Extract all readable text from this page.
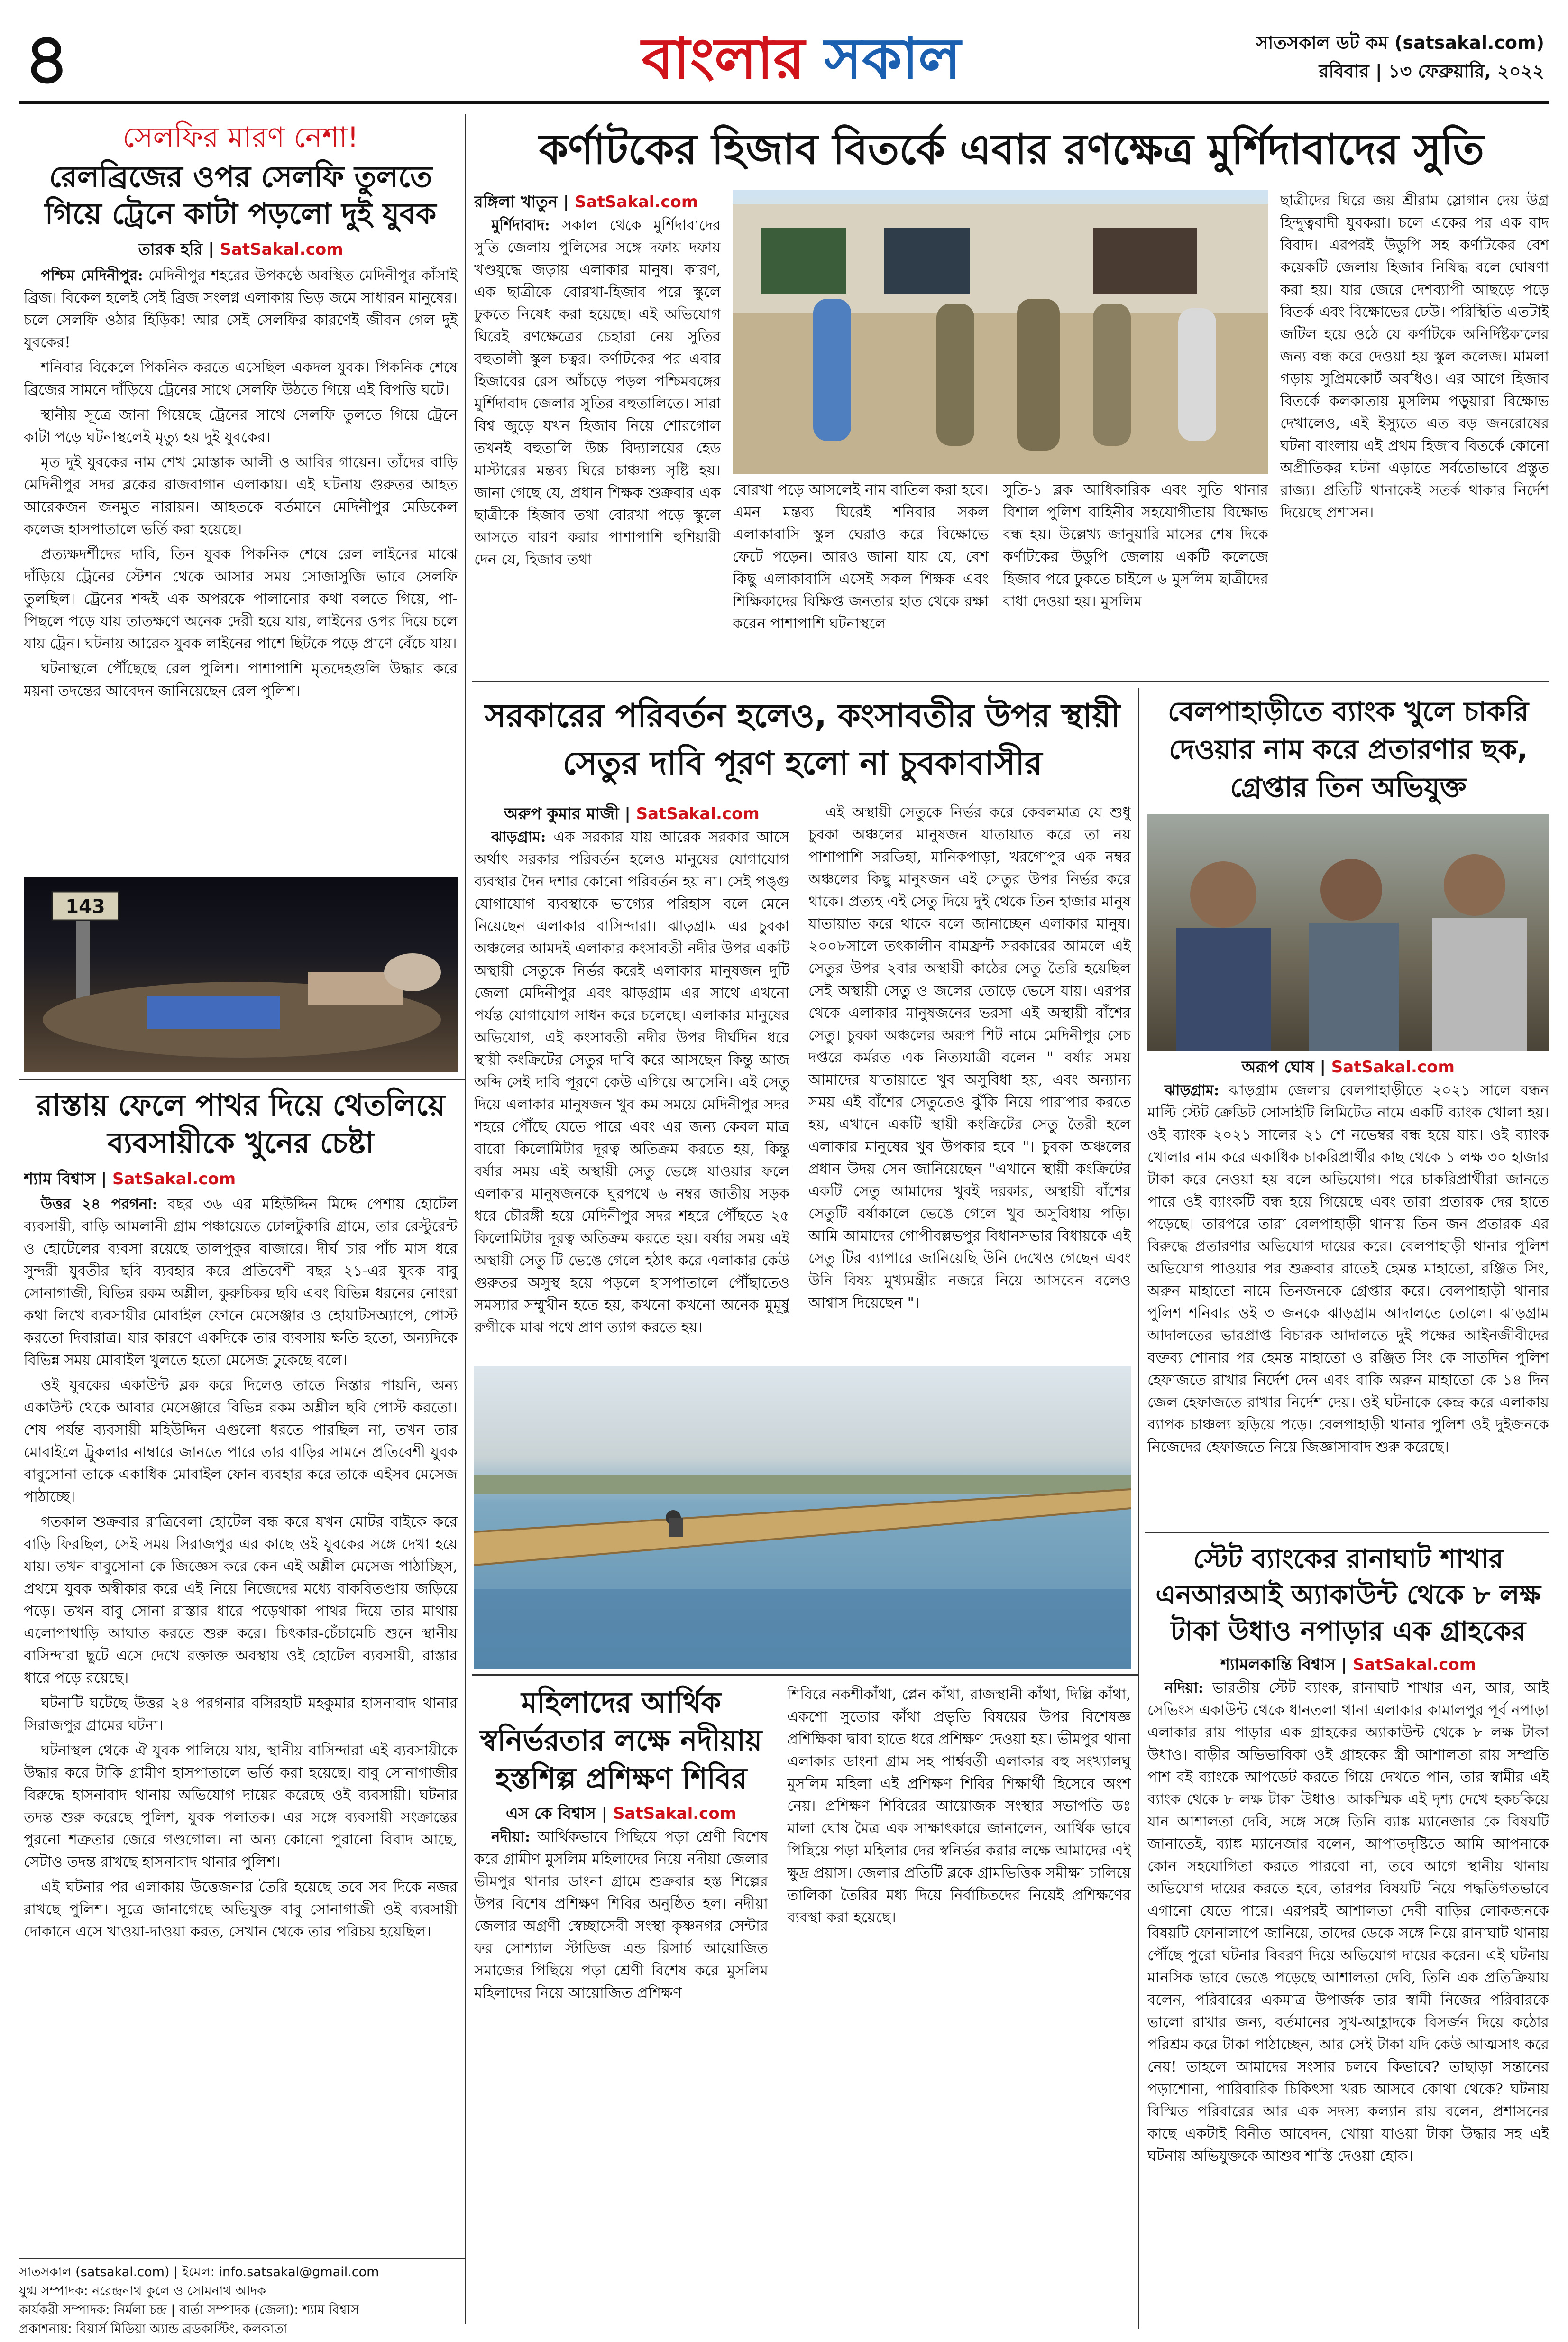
৪	বাংলার সকাল	সাতসকাল ডট কম (satsakal.com)
রবিবার | ১৩ ফেব্রুয়ারি, ২০২২
সেলফির মারণ নেশা!
রেলব্রিজের ওপর সেলফি তুলতে গিয়ে ট্রেনে কাটা পড়লো দুই যুবক
তারক হরি | SatSakal.com

পশ্চিম মেদিনীপুর: মেদিনীপুর শহরের উপকণ্ঠে অবস্থিত মেদিনীপুর কাঁসাই ব্রিজ। বিকেল হলেই সেই ব্রিজ সংলগ্ন এলাকায় ভিড় জমে সাধারন মানুষের। চলে সেলফি ওঠার হিড়িক! আর সেই সেলফির কারণেই জীবন গেল দুই যুবকের!

শনিবার বিকেলে পিকনিক করতে এসেছিল একদল যুবক। পিকনিক শেষে ব্রিজের সামনে দাঁড়িয়ে ট্রেনের সাথে সেলফি উঠতে গিয়ে এই বিপত্তি ঘটে।

স্থানীয় সূত্রে জানা গিয়েছে ট্রেনের সাথে সেলফি তুলতে গিয়ে ট্রেনে কাটা পড়ে ঘটনাস্থলেই মৃত্যু হয় দুই যুবকের।

মৃত দুই যুবকের নাম শেখ মোস্তাক আলী ও আবির গায়েন। তাঁদের বাড়ি মেদিনীপুর সদর ব্লকের রাজবাগান এলাকায়। এই ঘটনায় গুরুতর আহত আরেকজন জনমুত নারায়ন। আহতকে বর্তমানে মেদিনীপুর মেডিকেল কলেজ হাসপাতালে ভর্তি করা হয়েছে।

প্রত্যক্ষদর্শীদের দাবি, তিন যুবক পিকনিক শেষে রেল লাইনের মাঝে দাঁড়িয়ে ট্রেনের স্টেশন থেকে আসার সময় সোজাসুজি ভাবে সেলফি তুলছিল। ট্রেনের শব্দই এক অপরকে পালানোর কথা বলতে গিয়ে, পা-পিছলে পড়ে যায় তাতক্ষণে অনেক দেরী হয়ে যায়, লাইনের ওপর দিয়ে চলে যায় ট্রেন। ঘটনায় আরেক যুবক লাইনের পাশে ছিটকে পড়ে প্রাণে বেঁচে যায়।

ঘটনাস্থলে পৌঁছেছে রেল পুলিশ। পাশাপাশি মৃতদেহগুলি উদ্ধার করে ময়না তদন্তের আবেদন জানিয়েছেন রেল পুলিশ।

143
রাস্তায় ফেলে পাথর দিয়ে থেতলিয়ে ব্যবসায়ীকে খুনের চেষ্টা
শ্যাম বিশ্বাস | SatSakal.com

উত্তর ২৪ পরগনা: বছর ৩৬ এর মহিউদ্দিন মিদ্দে পেশায় হোটেল ব্যবসায়ী, বাড়ি আমলানী গ্রাম পঞ্চায়েতে ঢোলটুকারি গ্রামে, তার রেস্টুরেন্ট ও হোটেলের ব্যবসা রয়েছে তালপুকুর বাজারে। দীর্ঘ চার পাঁচ মাস ধরে সুন্দরী যুবতীর ছবি ব্যবহার করে প্রতিবেশী বছর ২১-এর যুবক বাবু সোনাগাজী, বিভিন্ন রকম অশ্লীল, কুরুচিকর ছবি এবং বিভিন্ন ধরনের নোংরা কথা লিখে ব্যবসায়ীর মোবাইল ফোনে মেসেঞ্জার ও হোয়াটসঅ্যাপে, পোস্ট করতো দিবারাত্র। যার কারণে একদিকে তার ব্যবসায় ক্ষতি হতো, অন্যদিকে বিভিন্ন সময় মোবাইল খুলতে হতো মেসেজ ঢুকেছে বলে।

ওই যুবকের একাউন্ট ব্লক করে দিলেও তাতে নিস্তার পায়নি, অন্য একাউন্ট থেকে আবার মেসেঞ্জারে বিভিন্ন রকম অশ্লীল ছবি পোস্ট করতো। শেষ পর্যন্ত ব্যবসায়ী মহিউদ্দিন এগুলো ধরতে পারছিল না, তখন তার মোবাইলে ট্রুকলার নাম্বারে জানতে পারে তার বাড়ির সামনে প্রতিবেশী যুবক বাবুসোনা তাকে একাধিক মোবাইল ফোন ব্যবহার করে তাকে এইসব মেসেজ পাঠাচ্ছে।

গতকাল শুক্রবার রাত্রিবেলা হোটেল বন্ধ করে যখন মোটর বাইকে করে বাড়ি ফিরছিল, সেই সময় সিরাজপুর এর কাছে ওই যুবকের সঙ্গে দেখা হয়ে যায়। তখন বাবুসোনা কে জিজ্ঞেস করে কেন এই অশ্লীল মেসেজ পাঠাচ্ছিস, প্রথমে যুবক অস্বীকার করে এই নিয়ে নিজেদের মধ্যে বাকবিতণ্ডায় জড়িয়ে পড়ে। তখন বাবু সোনা রাস্তার ধারে পড়েথাকা পাথর দিয়ে তার মাথায় এলোপাথাড়ি আঘাত করতে শুরু করে। চিৎকার-চেঁচামেচি শুনে স্থানীয় বাসিন্দারা ছুটে এসে দেখে রক্তাক্ত অবস্থায় ওই হোটেল ব্যবসায়ী, রাস্তার ধারে পড়ে রয়েছে।

ঘটনাটি ঘটেছে উত্তর ২৪ পরগনার বসিরহাট মহকুমার হাসনাবাদ থানার সিরাজপুর গ্রামের ঘটনা।

ঘটনাস্থল থেকে ঐ যুবক পালিয়ে যায়, স্থানীয় বাসিন্দারা এই ব্যবসায়ীকে উদ্ধার করে টাকি গ্রামীণ হাসপাতালে ভর্তি করা হয়েছে। বাবু সোনাগাজীর বিরুদ্ধে হাসনাবাদ থানায় অভিযোগ দায়ের করেছে ওই ব্যবসায়ী। ঘটনার তদন্ত শুরু করেছে পুলিশ, যুবক পলাতক। এর সঙ্গে ব্যবসায়ী সংক্রান্তের পুরনো শত্রুতার জেরে গণ্ডগোল। না অন্য কোনো পুরানো বিবাদ আছে, সেটাও তদন্ত রাখছে হাসনাবাদ থানার পুলিশ।

এই ঘটনার পর এলাকায় উত্তেজনার তৈরি হয়েছে তবে সব দিকে নজর রাখছে পুলিশ। সূত্রে জানাগেছে অভিযুক্ত বাবু সোনাগাজী ওই ব্যবসায়ী দোকানে এসে খাওয়া-দাওয়া করত, সেখান থেকে তার পরিচয় হয়েছিল।

সাতসকাল (satsakal.com) | ইমেল: info.satsakal@gmail.com
যুগ্ম সম্পাদক: নরেন্দ্রনাথ কুলে ও সোমনাথ আদক
কার্যকরী সম্পাদক: নির্মলা চন্দ্র | বার্তা সম্পাদক (জেলা): শ্যাম বিশ্বাস
প্রকাশনায়: বিয়ার্স মিডিয়া অ্যান্ড ব্রডকাস্টিং, কলকাতা
কর্ণাটকের হিজাব বিতর্কে এবার রণক্ষেত্র মুর্শিদাবাদের সুতি
রঙ্গিলা খাতুন | SatSakal.com

মুর্শিদাবাদ: সকাল থেকে মুর্শিদাবাদের সুতি জেলায় পুলিসের সঙ্গে দফায় দফায় খণ্ডযুদ্ধে জড়ায় এলাকার মানুষ। কারণ, এক ছাত্রীকে বোরখা-হিজাব পরে স্কুলে ঢুকতে নিষেধ করা হয়েছে। এই অভিযোগ ঘিরেই রণক্ষেত্রের চেহারা নেয় সুতির বহুতালী স্কুল চত্বর। কর্ণাটকের পর এবার হিজাবের রেস আঁচড়ে পড়ল পশ্চিমবঙ্গের মুর্শিদাবাদ জেলার সুতির বহুতালিতে। সারা বিশ্ব জুড়ে যখন হিজাব নিয়ে শোরগোল তখনই বহুতালি উচ্চ বিদ্যালয়ের হেড মাস্টারের মন্তব্য ঘিরে চাঞ্চল্য সৃষ্টি হয়। জানা গেছে যে, প্রধান শিক্ষক শুক্রবার এক ছাত্রীকে হিজাব তথা বোরখা পড়ে স্কুলে আসতে বারণ করার পাশাপাশি হুশিয়ারী দেন যে, হিজাব তথা

বোরখা পড়ে আসলেই নাম বাতিল করা হবে। এমন মন্তব্য ঘিরেই শনিবার সকল এলাকাবাসি স্কুল ঘেরাও করে বিক্ষোভে ফেটে পড়েন। আরও জানা যায় যে, বেশ কিছু এলাকাবাসি এসেই সকল শিক্ষক এবং শিক্ষিকাদের বিক্ষিপ্ত জনতার হাত থেকে রক্ষা করেন পাশাপাশি ঘটনাস্থলে

সুতি-১ ব্লক আধিকারিক এবং সুতি থানার বিশাল পুলিশ বাহিনীর সহযোগীতায় বিক্ষোভ বন্ধ হয়। উল্লেখ্য জানুয়ারি মাসের শেষ দিকে কর্ণাটকের উডুপি জেলায় একটি কলেজে হিজাব পরে ঢুকতে চাইলে ৬ মুসলিম ছাত্রীদের বাধা দেওয়া হয়। মুসলিম

ছাত্রীদের ঘিরে জয় শ্রীরাম স্লোগান দেয় উগ্র হিন্দুত্ববাদী যুবকরা। চলে একের পর এক বাদ বিবাদ। এরপরই উডুপি সহ কর্ণাটকের বেশ কয়েকটি জেলায় হিজাব নিষিদ্ধ বলে ঘোষণা করা হয়। যার জেরে দেশব্যাপী আছড়ে পড়ে বিতর্ক এবং বিক্ষোভের ঢেউ। পরিস্থিতি এতটাই জটিল হয়ে ওঠে যে কর্ণাটকে অনির্দিষ্টকালের জন্য বন্ধ করে দেওয়া হয় স্কুল কলেজ। মামলা গড়ায় সুপ্রিমকোর্ট অবধিও। এর আগে হিজাব বিতর্কে কলকাতায় মুসলিম পড়ুয়ারা বিক্ষোভ দেখালেও, এই ইস্যুতে এত বড় জনরোষের ঘটনা বাংলায় এই প্রথম হিজাব বিতর্কে কোনো অপ্রীতিকর ঘটনা এড়াতে সর্বতোভাবে প্রস্তুত রাজ্য। প্রতিটি থানাকেই সতর্ক থাকার নির্দেশ দিয়েছে প্রশাসন।

সরকারের পরিবর্তন হলেও, কংসাবতীর উপর স্থায়ী সেতুর দাবি পূরণ হলো না চুবকাবাসীর
অরুপ কুমার মাজী | SatSakal.com

ঝাড়গ্রাম: এক সরকার যায় আরেক সরকার আসে অর্থাৎ সরকার পরিবর্তন হলেও মানুষের যোগাযোগ ব্যবস্থার দৈন দশার কোনো পরিবর্তন হয় না। সেই পঙ্গু যোগাযোগ ব্যবস্থাকে ভাগ্যের পরিহাস বলে মেনে নিয়েছেন এলাকার বাসিন্দারা। ঝাড়গ্রাম এর চুবকা অঞ্চলের আমদই এলাকার কংসাবতী নদীর উপর একটি অস্থায়ী সেতুকে নির্ভর করেই এলাকার মানুষজন দুটি জেলা মেদিনীপুর এবং ঝাড়গ্রাম এর সাথে এখনো পর্যন্ত যোগাযোগ সাধন করে চলেছে। এলাকার মানুষের অভিযোগ, এই কংসাবতী নদীর উপর দীর্ঘদিন ধরে স্থায়ী কংক্রিটের সেতুর দাবি করে আসছেন কিন্তু আজ অব্দি সেই দাবি পূরণে কেউ এগিয়ে আসেনি। এই সেতু দিয়ে এলাকার মানুষজন খুব কম সময়ে মেদিনীপুর সদর শহরে পৌঁছে যেতে পারে এবং এর জন্য কেবল মাত্র বারো কিলোমিটার দূরত্ব অতিক্রম করতে হয়, কিন্তু বর্ষার সময় এই অস্থায়ী সেতু ভেঙ্গে যাওয়ার ফলে এলাকার মানুষজনকে ঘুরপথে ৬ নম্বর জাতীয় সড়ক ধরে চৌরঙ্গী হয়ে মেদিনীপুর সদর শহরে পৌঁছতে ২৫ কিলোমিটার দূরত্ব অতিক্রম করতে হয়। বর্ষার সময় এই অস্থায়ী সেতু টি ভেঙে গেলে হঠাৎ করে এলাকার কেউ গুরুতর অসুস্থ হয়ে পড়লে হাসপাতালে পৌঁছাতেও সমস্যার সম্মুখীন হতে হয়, কখনো কখনো অনেক মুমূর্ষু রুগীকে মাঝ পথে প্রাণ ত্যাগ করতে হয়।

এই অস্থায়ী সেতুকে নির্ভর করে কেবলমাত্র যে শুধু চুবকা অঞ্চলের মানুষজন যাতায়াত করে তা নয় পাশাপাশি সরডিহা, মানিকপাড়া, খরগোপুর এক নম্বর অঞ্চলের কিছু মানুষজন এই সেতুর উপর নির্ভর করে থাকে। প্রত্যহ এই সেতু দিয়ে দুই থেকে তিন হাজার মানুষ যাতায়াত করে থাকে বলে জানাচ্ছেন এলাকার মানুষ। ২০০৮সালে তৎকালীন বামফ্রন্ট সরকারের আমলে এই সেতুর উপর ২বার অস্থায়ী কাঠের সেতু তৈরি হয়েছিল সেই অস্থায়ী সেতু ও জলের তোড়ে ভেসে যায়। এরপর থেকে এলাকার মানুষজনের ভরসা এই অস্থায়ী বাঁশের সেতু। চুবকা অঞ্চলের অরূপ শিট নামে মেদিনীপুর সেচ দপ্তরে কর্মরত এক নিত্যযাত্রী বলেন " বর্ষার সময় আমাদের যাতায়াতে খুব অসুবিধা হয়, এবং অন্যান্য সময় এই বাঁশের সেতুতেও ঝুঁকি নিয়ে পারাপার করতে হয়, এখানে একটি স্থায়ী কংক্রিটের সেতু তৈরী হলে এলাকার মানুষের খুব উপকার হবে "। চুবকা অঞ্চলের প্রধান উদয় সেন জানিয়েছেন "এখানে স্থায়ী কংক্রিটের একটি সেতু আমাদের খুবই দরকার, অস্থায়ী বাঁশের সেতুটি বর্ষাকালে ভেঙে গেলে খুব অসুবিধায় পড়ি। আমি আমাদের গোপীবল্লভপুর বিধানসভার বিধায়কে এই সেতু টির ব্যাপারে জানিয়েছি উনি দেখেও গেছেন এবং উনি বিষয় মুখ্যমন্ত্রীর নজরে নিয়ে আসবেন বলেও আশ্বাস দিয়েছেন "।

মহিলাদের আর্থিক স্বনির্ভরতার লক্ষে নদীয়ায় হস্তশিল্প প্রশিক্ষণ শিবির
এস কে বিশ্বাস | SatSakal.com

নদীয়া: আর্থিকভাবে পিছিয়ে পড়া শ্রেণী বিশেষ করে গ্রামীণ মুসলিম মহিলাদের নিয়ে নদীয়া জেলার ভীমপুর থানার ডাংনা গ্রামে শুক্রবার হস্ত শিল্পের উপর বিশেষ প্রশিক্ষণ শিবির অনুষ্ঠিত হল। নদীয়া জেলার অগ্রণী স্বেচ্ছাসেবী সংস্থা কৃষ্ণনগর সেন্টার ফর সোশ্যাল স্টাডিজ এন্ড রিসার্চ আয়োজিত সমাজের পিছিয়ে পড়া শ্রেণী বিশেষ করে মুসলিম মহিলাদের নিয়ে আয়োজিত প্রশিক্ষণ

শিবিরে নকশীকাঁথা, প্লেন কাঁথা, রাজস্থানী কাঁথা, দিল্লি কাঁথা, একশো সুতোর কাঁথা প্রভৃতি বিষয়ের উপর বিশেষজ্ঞ প্রশিক্ষিকা দ্বারা হাতে ধরে প্রশিক্ষণ দেওয়া হয়। ভীমপুর থানা এলাকার ডাংনা গ্রাম সহ পার্শ্ববর্তী এলাকার বহু সংখ্যালঘু মুসলিম মহিলা এই প্রশিক্ষণ শিবির শিক্ষার্থী হিসেবে অংশ নেয়। প্রশিক্ষণ শিবিরের আয়োজক সংস্থার সভাপতি ডঃ মালা ঘোষ মৈত্র এক সাক্ষাৎকারে জানালেন, আর্থিক ভাবে পিছিয়ে পড়া মহিলার দের স্বনির্ভর করার লক্ষে আমাদের এই ক্ষুদ্র প্রয়াস। জেলার প্রতিটি ব্লকে গ্রামভিত্তিক সমীক্ষা চালিয়ে তালিকা তৈরির মধ্য দিয়ে নির্বাচিতদের নিয়েই প্রশিক্ষণের ব্যবস্থা করা হয়েছে।

বেলপাহাড়ীতে ব্যাংক খুলে চাকরি দেওয়ার নাম করে প্রতারণার ছক, গ্রেপ্তার তিন অভিযুক্ত
অরূপ ঘোষ | SatSakal.com

ঝাড়গ্রাম: ঝাড়গ্রাম জেলার বেলপাহাড়ীতে ২০২১ সালে বন্ধন মাল্টি স্টেট ক্রেডিট সোসাইটি লিমিটেড নামে একটি ব্যাংক খোলা হয়। ওই ব্যাংক ২০২১ সালের ২১ শে নভেম্বর বন্ধ হয়ে যায়। ওই ব্যাংক খোলার নাম করে একাধিক চাকরিপ্রার্থীর কাছ থেকে ১ লক্ষ ৩০ হাজার টাকা করে নেওয়া হয় বলে অভিযোগ। পরে চাকরিপ্রার্থীরা জানতে পারে ওই ব্যাংকটি বন্ধ হয়ে গিয়েছে এবং তারা প্রতারক দের হাতে পড়েছে। তারপরে তারা বেলপাহাড়ী থানায় তিন জন প্রতারক এর বিরুদ্ধে প্রতারণার অভিযোগ দায়ের করে। বেলপাহাড়ী থানার পুলিশ অভিযোগ পাওয়ার পর শুক্রবার রাতেই হেমন্ত মাহাতো, রঞ্জিত সিং, অরুন মাহাতো নামে তিনজনকে গ্রেপ্তার করে। বেলপাহাড়ী থানার পুলিশ শনিবার ওই ৩ জনকে ঝাড়গ্রাম আদালতে তোলে। ঝাড়গ্রাম আদালতের ভারপ্রাপ্ত বিচারক আদালতে দুই পক্ষের আইনজীবীদের বক্তব্য শোনার পর হেমন্ত মাহাতো ও রঞ্জিত সিং কে সাতদিন পুলিশ হেফাজতে রাখার নির্দেশ দেন এবং বাকি অরুন মাহাতো কে ১৪ দিন জেল হেফাজতে রাখার নির্দেশ দেয়। ওই ঘটনাকে কেন্দ্র করে এলাকায় ব্যাপক চাঞ্চল্য ছড়িয়ে পড়ে। বেলপাহাড়ী থানার পুলিশ ওই দুইজনকে নিজেদের হেফাজতে নিয়ে জিজ্ঞাসাবাদ শুরু করেছে।

স্টেট ব্যাংকের রানাঘাট শাখার এনআরআই অ্যাকাউন্ট থেকে ৮ লক্ষ টাকা উধাও নপাড়ার এক গ্রাহকের
শ্যামলকান্তি বিশ্বাস | SatSakal.com

নদিয়া: ভারতীয় স্টেট ব্যাংক, রানাঘাট শাখার এন, আর, আই সেভিংস একাউন্ট থেকে ধানতলা থানা এলাকার কামালপুর পূর্ব নপাড়া এলাকার রায় পাড়ার এক গ্রাহকের অ্যাকাউন্ট থেকে ৮ লক্ষ টাকা উধাও। বাড়ীর অভিভাবিকা ওই গ্রাহকের স্ত্রী আশালতা রায় সম্প্রতি পাশ বই ব্যাংকে আপডেট করতে গিয়ে দেখতে পান, তার স্বামীর এই ব্যাংক থেকে ৮ লক্ষ টাকা উধাও। আকস্মিক এই দৃশ্য দেখে হকচকিয়ে যান আশালতা দেবি, সঙ্গে সঙ্গে তিনি ব্যাঙ্ক ম্যানেজার কে বিষয়টি জানাতেই, ব্যাঙ্ক ম্যানেজার বলেন, আপাতদৃষ্টিতে আমি আপনাকে কোন সহযোগিতা করতে পারবো না, তবে আগে স্থানীয় থানায় অভিযোগ দায়ের করতে হবে, তারপর বিষয়টি নিয়ে পদ্ধতিগতভাবে এগানো যেতে পারে। এরপরই আশালতা দেবী বাড়ির লোকজনকে বিষয়টি ফোনালাপে জানিয়ে, তাদের ডেকে সঙ্গে নিয়ে রানাঘাট থানায় পৌঁছে পুরো ঘটনার বিবরণ দিয়ে অভিযোগ দায়ের করেন। এই ঘটনায় মানসিক ভাবে ভেঙে পড়েছে আশালতা দেবি, তিনি এক প্রতিক্রিয়ায় বলেন, পরিবারের একমাত্র উপার্জক তার স্বামী নিজের পরিবারকে ভালো রাখার জন্য, বর্তমানের সুখ-আহ্লাদকে বিসর্জন দিয়ে কঠোর পরিশ্রম করে টাকা পাঠাচ্ছেন, আর সেই টাকা যদি কেউ আত্মসাৎ করে নেয়! তাহলে আমাদের সংসার চলবে কিভাবে? তাছাড়া সন্তানের পড়াশোনা, পারিবারিক চিকিৎসা খরচ আসবে কোথা থেকে? ঘটনায় বিস্মিত পরিবারের আর এক সদস্য কল্যান রায় বলেন, প্রশাসনের কাছে একটাই বিনীত আবেদন, খোয়া যাওয়া টাকা উদ্ধার সহ এই ঘটনায় অভিযুক্তকে আশুব শাস্তি দেওয়া হোক।
